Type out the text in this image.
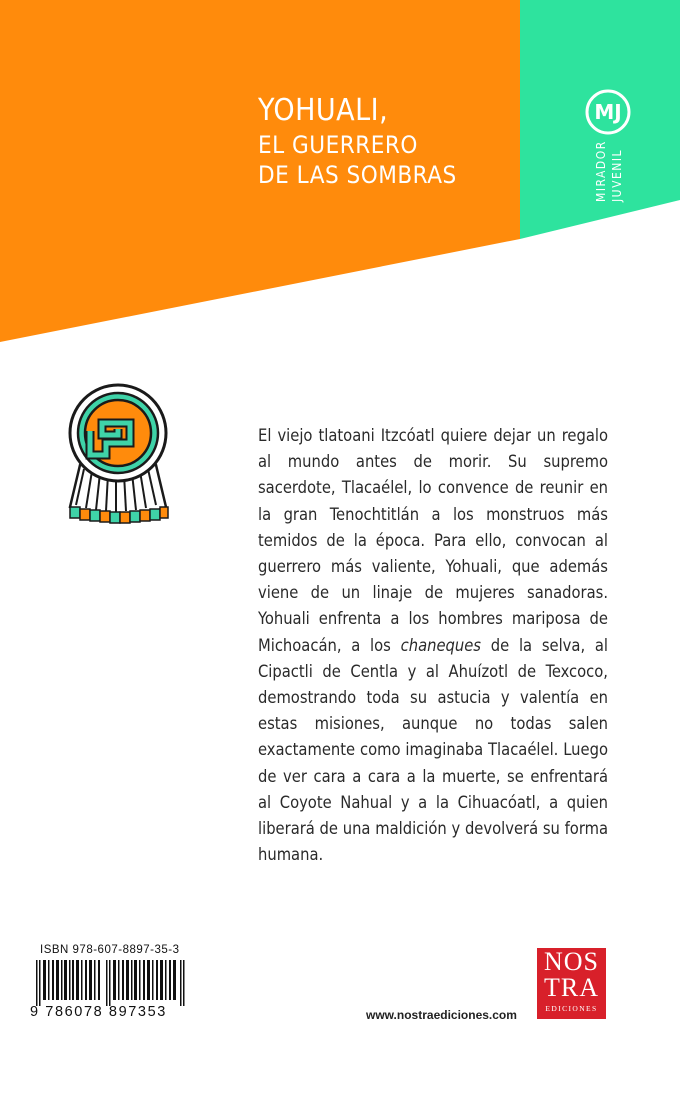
YOHUALI,
EL GUERRERO
DE LAS SOMBRAS
MJ
MIRADOR JUVENIL

El viejo tlatoani Itzcóatl quiere dejar un regalo al mundo antes de morir. Su supremo sacerdote, Tlacaélel, lo convence de reunir en la gran Tenochtitlán a los monstruos más temidos de la época. Para ello, convocan al guerrero más valiente, Yohuali, que además viene de un linaje de mujeres sanadoras. Yohuali enfrenta a los hombres mariposa de Michoacán, a los chaneques de la selva, al Cipactli de Centla y al Ahuízotl de Texcoco, demostrando toda su astucia y valentía en estas misiones, aunque no todas salen exactamente como imaginaba Tlacaélel. Luego de ver cara a cara a la muerte, se enfrentará al Coyote Nahual y a la Cihuacóatl, a quien liberará de una maldición y devolverá su forma humana.

ISBN 978-607-8897-35-3
9 786078 897353	www.nostraediciones.com
NOS
TRA
EDICIONES
